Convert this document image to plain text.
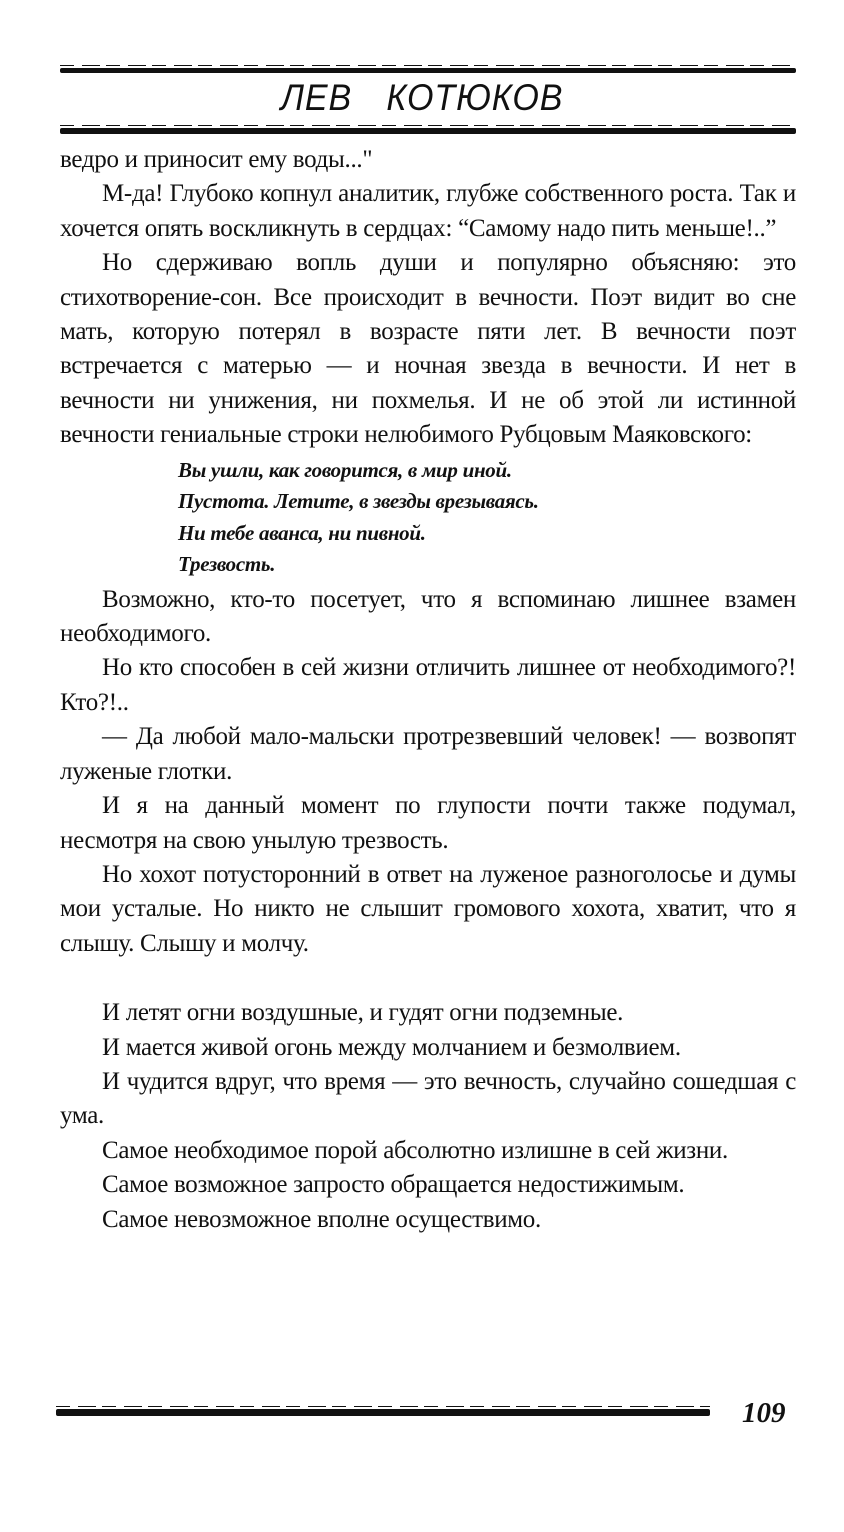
ЛЕВ КОТЮКОВ

ведро и приносит ему воды..."

М-да! Глубоко копнул аналитик, глубже собственного роста. Так и хочется опять воскликнуть в сердцах: “Самому надо пить меньше!..”

Но сдерживаю вопль души и популярно объясняю: это стихотворение-сон. Все происходит в вечности. Поэт видит во сне мать, которую потерял в возрасте пяти лет. В вечности поэт встречается с матерью — и ночная звезда в вечности. И нет в вечности ни унижения, ни похмелья. И не об этой ли истинной вечности гениальные строки нелюбимого Рубцовым Маяковского:

Вы ушли, как говорится, в мир иной.
Пустота. Летите, в звезды врезываясь.
Ни тебе аванса, ни пивной.
Трезвость.

Возможно, кто-то посетует, что я вспоминаю лишнее взамен необходимого.

Но кто способен в сей жизни отличить лишнее от необходимого?! Кто?!..

— Да любой мало-мальски протрезвевший человек! — возвопят луженые глотки.

И я на данный момент по глупости почти также подумал, несмотря на свою унылую трезвость.

Но хохот потусторонний в ответ на луженое разноголосье и думы мои усталые. Но никто не слышит громового хохота, хватит, что я слышу. Слышу и молчу.

И летят огни воздушные, и гудят огни подземные.

И мается живой огонь между молчанием и безмолвием.

И чудится вдруг, что время — это вечность, случайно сошедшая с ума.

Самое необходимое порой абсолютно излишне в сей жизни.

Самое возможное запросто обращается недостижимым.

Самое невозможное вполне осуществимо.

109
